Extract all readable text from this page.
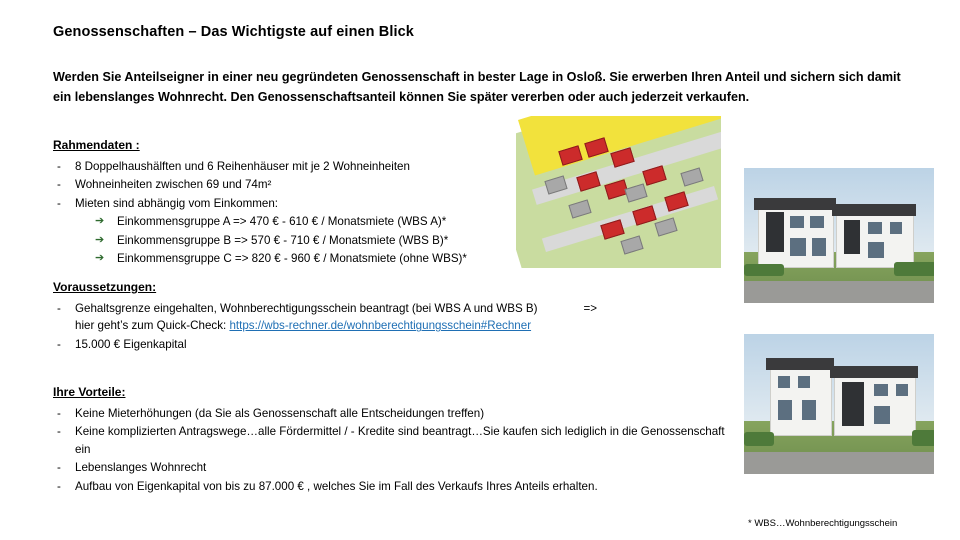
Genossenschaften – Das Wichtigste auf einen Blick
Werden Sie Anteilseigner in einer neu gegründeten Genossenschaft in bester Lage in Osloß. Sie erwerben Ihren Anteil und sichern sich damit ein lebenslanges Wohnrecht. Den Genossenschaftsanteil können Sie später vererben oder auch jederzeit verkaufen.
Rahmendaten :
- 8 Doppelhaushälften und 6 Reihenhäuser mit je 2 Wohneinheiten
- Wohneinheiten zwischen 69 und 74m²
- Mieten sind abhängig vom Einkommen:
➔ Einkommensgruppe A => 470 € - 610 € / Monatsmiete (WBS A)*
➔ Einkommensgruppe B => 570 € - 710 € / Monatsmiete (WBS B)*
➔ Einkommensgruppe C => 820 € - 960 € / Monatsmiete (ohne WBS)*
Voraussetzungen:
- Gehaltsgrenze eingehalten, Wohnberechtigungsschein beantragt (bei WBS A und WBS B)	=>
hier geht’s zum Quick-Check: https://wbs-rechner.de/wohnberechtigungsschein#Rechner
- 15.000 € Eigenkapital
Ihre Vorteile:
- Keine Mieterhöhungen (da Sie als Genossenschaft alle Entscheidungen treffen)
- Keine komplizierten Antragswege…alle Fördermittel / - Kredite sind beantragt…Sie kaufen sich lediglich in die Genossenschaft ein
- Lebenslanges Wohnrecht
- Aufbau von Eigenkapital von bis zu 87.000 € , welches Sie im Fall des Verkaufs Ihres Anteils erhalten.
* WBS…Wohnberechtigungsschein
